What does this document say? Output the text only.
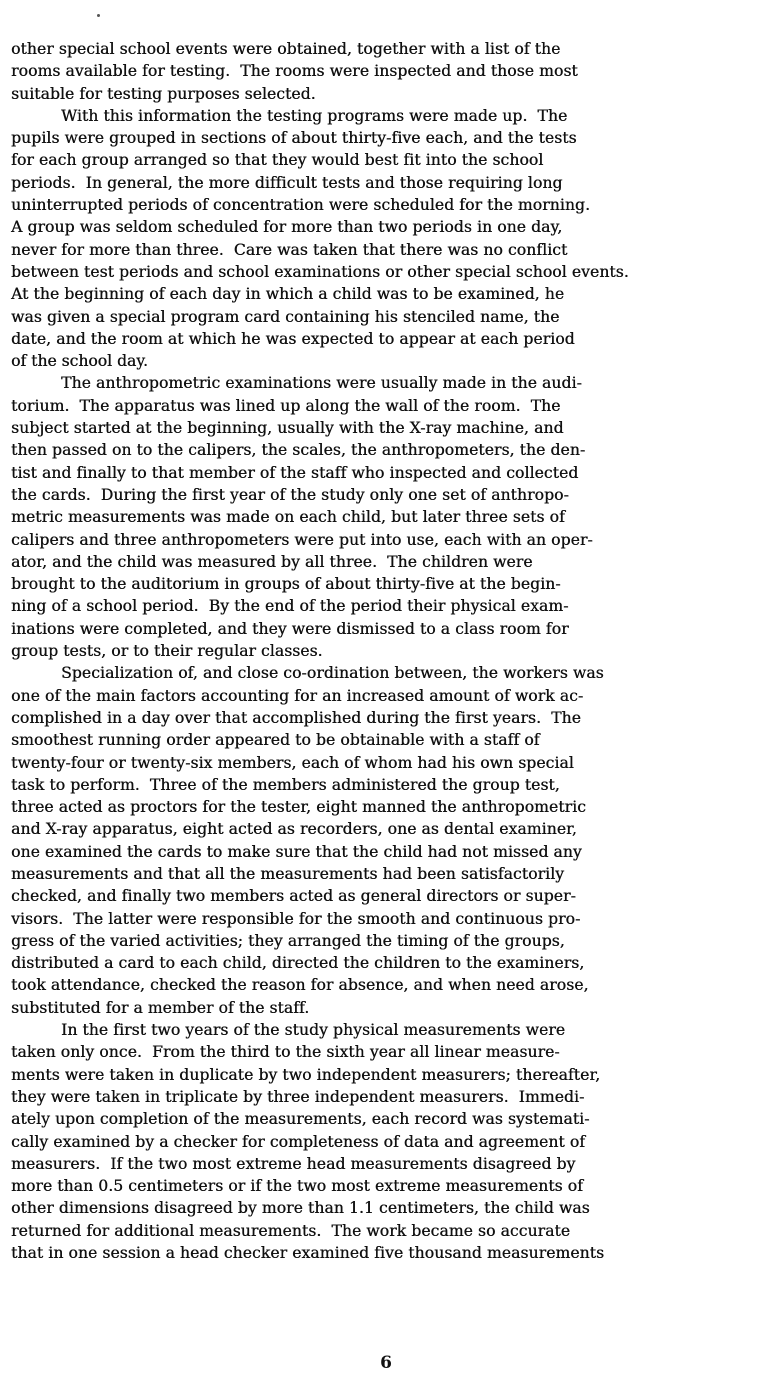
other special school events were obtained, together with a list of the
rooms available for testing.  The rooms were inspected and those most
suitable for testing purposes selected.
With this information the testing programs were made up.  The
pupils were grouped in sections of about thirty-five each, and the tests
for each group arranged so that they would best fit into the school
periods.  In general, the more difficult tests and those requiring long
uninterrupted periods of concentration were scheduled for the morning.
A group was seldom scheduled for more than two periods in one day,
never for more than three.  Care was taken that there was no conflict
between test periods and school examinations or other special school events.
At the beginning of each day in which a child was to be examined, he
was given a special program card containing his stenciled name, the
date, and the room at which he was expected to appear at each period
of the school day.
The anthropometric examinations were usually made in the audi-
torium.  The apparatus was lined up along the wall of the room.  The
subject started at the beginning, usually with the X-ray machine, and
then passed on to the calipers, the scales, the anthropometers, the den-
tist and finally to that member of the staff who inspected and collected
the cards.  During the first year of the study only one set of anthropo-
metric measurements was made on each child, but later three sets of
calipers and three anthropometers were put into use, each with an oper-
ator, and the child was measured by all three.  The children were
brought to the auditorium in groups of about thirty-five at the begin-
ning of a school period.  By the end of the period their physical exam-
inations were completed, and they were dismissed to a class room for
group tests, or to their regular classes.
Specialization of, and close co-ordination between, the workers was
one of the main factors accounting for an increased amount of work ac-
complished in a day over that accomplished during the first years.  The
smoothest running order appeared to be obtainable with a staff of
twenty-four or twenty-six members, each of whom had his own special
task to perform.  Three of the members administered the group test,
three acted as proctors for the tester, eight manned the anthropometric
and X-ray apparatus, eight acted as recorders, one as dental examiner,
one examined the cards to make sure that the child had not missed any
measurements and that all the measurements had been satisfactorily
checked, and finally two members acted as general directors or super-
visors.  The latter were responsible for the smooth and continuous pro-
gress of the varied activities; they arranged the timing of the groups,
distributed a card to each child, directed the children to the examiners,
took attendance, checked the reason for absence, and when need arose,
substituted for a member of the staff.
In the first two years of the study physical measurements were
taken only once.  From the third to the sixth year all linear measure-
ments were taken in duplicate by two independent measurers; thereafter,
they were taken in triplicate by three independent measurers.  Immedi-
ately upon completion of the measurements, each record was systemati-
cally examined by a checker for completeness of data and agreement of
measurers.  If the two most extreme head measurements disagreed by
more than 0.5 centimeters or if the two most extreme measurements of
other dimensions disagreed by more than 1.1 centimeters, the child was
returned for additional measurements.  The work became so accurate
that in one session a head checker examined five thousand measurements
6
